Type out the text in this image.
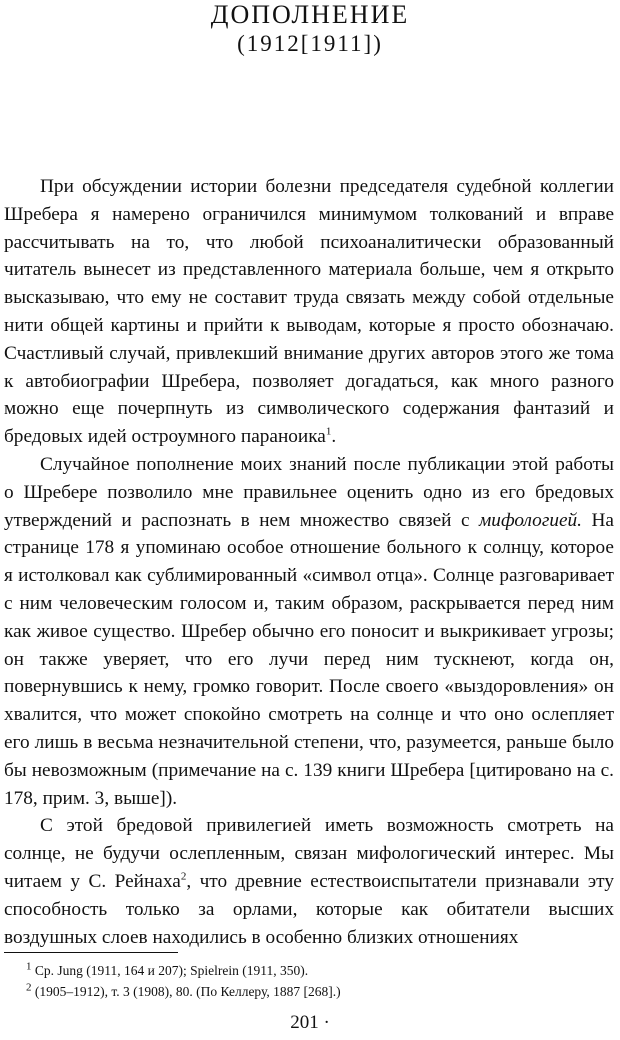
ДОПОЛНЕНИЕ
(1912[1911])

При обсуждении истории болезни председателя судебной коллегии Шребера я намерено ограничился минимумом толкований и вправе рассчитывать на то, что любой психоаналитически образованный читатель вынесет из представленного материала больше, чем я открыто высказываю, что ему не составит труда связать между собой отдельные нити общей картины и прийти к выводам, которые я просто обозначаю. Счастливый случай, привлекший внимание других авторов этого же тома к автобиографии Шребера, позволяет догадаться, как много разного можно еще почерпнуть из символического содержания фантазий и бредовых идей остроумного параноика$^1$.

Случайное пополнение моих знаний после публикации этой работы о Шребере позволило мне правильнее оценить одно из его бредовых утверждений и распознать в нем множество связей с мифологией. На странице 178 я упоминаю особое отношение больного к солнцу, которое я истолковал как сублимированный «символ отца». Солнце разговаривает с ним человеческим голосом и, таким образом, раскрывается перед ним как живое существо. Шребер обычно его поносит и выкрикивает угрозы; он также уверяет, что его лучи перед ним тускнеют, когда он, повернувшись к нему, громко говорит. После своего «выздоровления» он хвалится, что может спокойно смотреть на солнце и что оно ослепляет его лишь в весьма незначительной степени, что, разумеется, раньше было бы невозможным (примечание на с. 139 книги Шребера [цитировано на с. 178, прим. 3, выше]).

С этой бредовой привилегией иметь возможность смотреть на солнце, не будучи ослепленным, связан мифологический интерес. Мы читаем у С. Рейнаха$^2$, что древние естествоиспытатели признавали эту способность только за орлами, которые как обитатели высших воздушных слоев находились в особенно близких отношениях

$^1$ Cp. Jung (1911, 164 и 207); Spielrein (1911, 350).

$^2$ (1905–1912), т. 3 (1908), 80. (По Келлеру, 1887 [268].)

201 ·
